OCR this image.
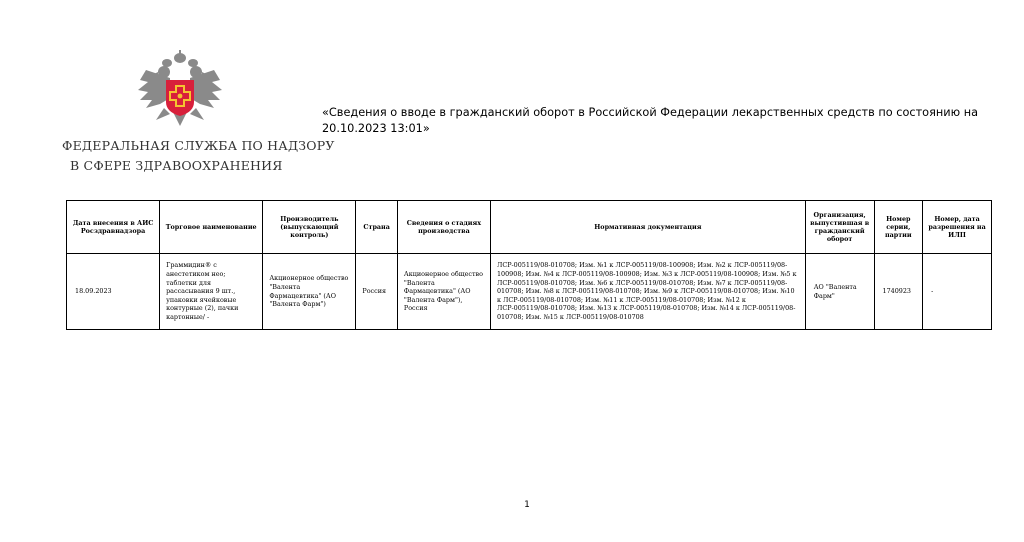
ФЕДЕРАЛЬНАЯ СЛУЖБА ПО НАДЗОРУ
В СФЕРЕ ЗДРАВООХРАНЕНИЯ
«Сведения о вводе в гражданский оборот в Российской Федерации лекарственных средств по состоянию на 20.10.2023 13:01»
Дата внесения в АИС Росздравнадзора	Торговое наименование	Производитель (выпускающий контроль)	Страна	Сведения о стадиях производства	Нормативная документация	Организация, выпустившая в гражданский оборот	Номер серии, партии	Номер, дата разрешения на ИЛП
18.09.2023	Граммидин® с анестетиком нео; таблетки для рассасывания 9 шт., упаковки ячейковые контурные (2), пачки картонные/ -	Акционерное общество "Валента Фармацевтика" (АО "Валента Фарм")	Россия	Акционерное общество "Валента Фармацевтика" (АО "Валента Фарм"), Россия	ЛСР-005119/08-010708; Изм. №1 к ЛСР-005119/08-100908; Изм. №2 к ЛСР-005119/08-100908; Изм. №4 к ЛСР-005119/08-100908; Изм. №3 к ЛСР-005119/08-100908; Изм. №5 к ЛСР-005119/08-010708; Изм. №6 к ЛСР-005119/08-010708; Изм. №7 к ЛСР-005119/08-010708; Изм. №8 к ЛСР-005119/08-010708; Изм. №9 к ЛСР-005119/08-010708; Изм. №10 к ЛСР-005119/08-010708; Изм. №11 к ЛСР-005119/08-010708; Изм. №12 к ЛСР-005119/08-010708; Изм. №13 к ЛСР-005119/08-010708; Изм. №14 к ЛСР-005119/08-010708; Изм. №15 к ЛСР-005119/08-010708	АО "Валента Фарм"	1740923	-
1
